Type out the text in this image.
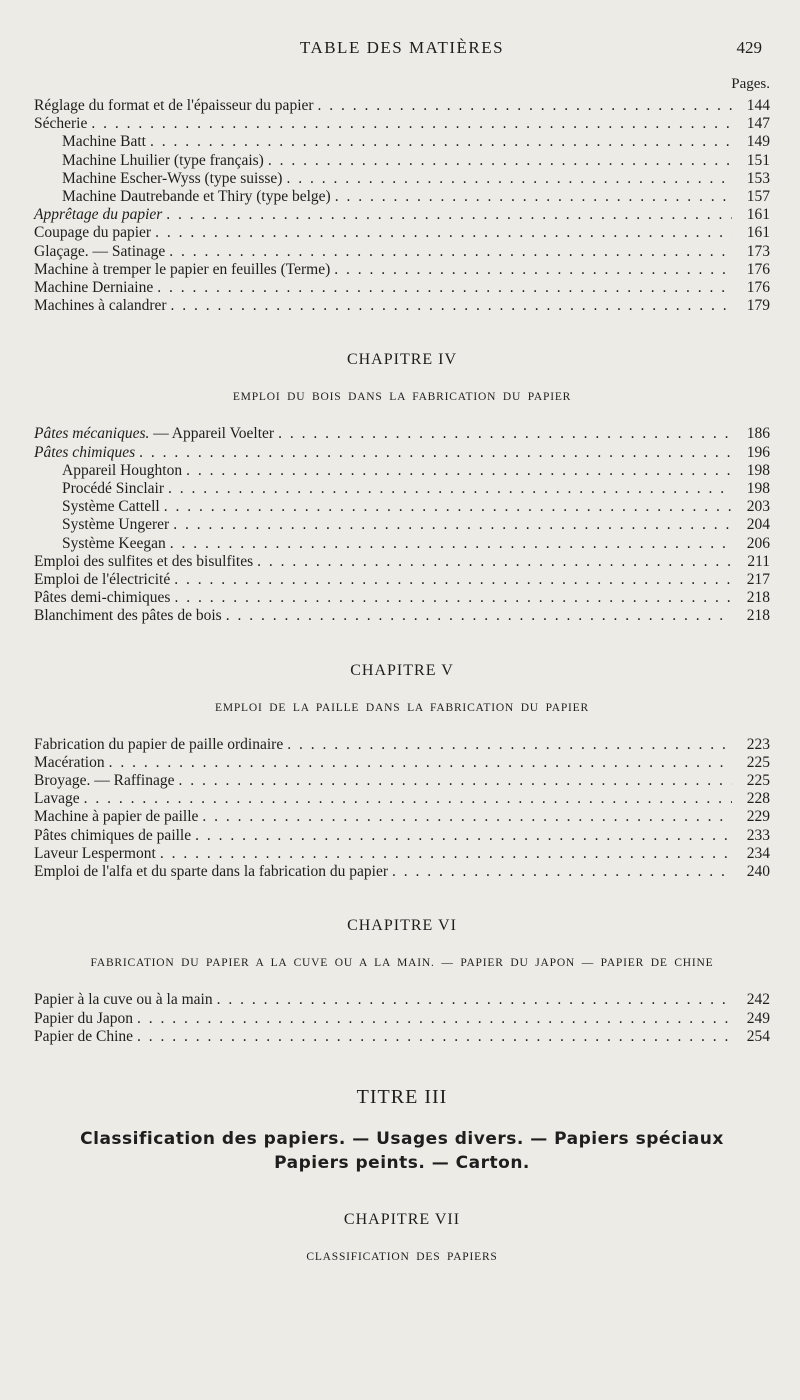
TABLE DES MATIÈRES	429
Pages.
Réglage du format et de l'épaisseur du papier . . .	144
Sécherie . . .	147
Machine Batt . . .	149
Machine Lhuilier (type français) . . .	151
Machine Escher-Wyss (type suisse) . . .	153
Machine Dautrebande et Thiry (type belge) . . .	157
Apprêtage du papier . . .	161
Coupage du papier . . .	161
Glaçage. — Satinage . . .	173
Machine à tremper le papier en feuilles (Terme) . . .	176
Machine Derniaine . . .	176
Machines à calandrer . . .	179
CHAPITRE IV
EMPLOI DU BOIS DANS LA FABRICATION DU PAPIER
Pâtes mécaniques. — Appareil Voelter . . .	186
Pâtes chimiques . . .	196
Appareil Houghton . . .	198
Procédé Sinclair . . .	198
Système Cattell . . .	203
Système Ungerer . . .	204
Système Keegan . . .	206
Emploi des sulfites et des bisulfites . . .	211
Emploi de l'électricité . . .	217
Pâtes demi-chimiques . . .	218
Blanchiment des pâtes de bois . . .	218
CHAPITRE V
EMPLOI DE LA PAILLE DANS LA FABRICATION DU PAPIER
Fabrication du papier de paille ordinaire . . .	223
Macération . . .	225
Broyage. — Raffinage . . .	225
Lavage . . .	228
Machine à papier de paille . . .	229
Pâtes chimiques de paille . . .	233
Laveur Lespermont . . .	234
Emploi de l'alfa et du sparte dans la fabrication du papier . . .	240
CHAPITRE VI
FABRICATION DU PAPIER A LA CUVE OU A LA MAIN. — PAPIER DU JAPON — PAPIER DE CHINE
Papier à la cuve ou à la main . . .	242
Papier du Japon . . .	249
Papier de Chine . . .	254
TITRE III
Classification des papiers. — Usages divers. — Papiers spéciaux
Papiers peints. — Carton.
CHAPITRE VII
CLASSIFICATION DES PAPIERS
